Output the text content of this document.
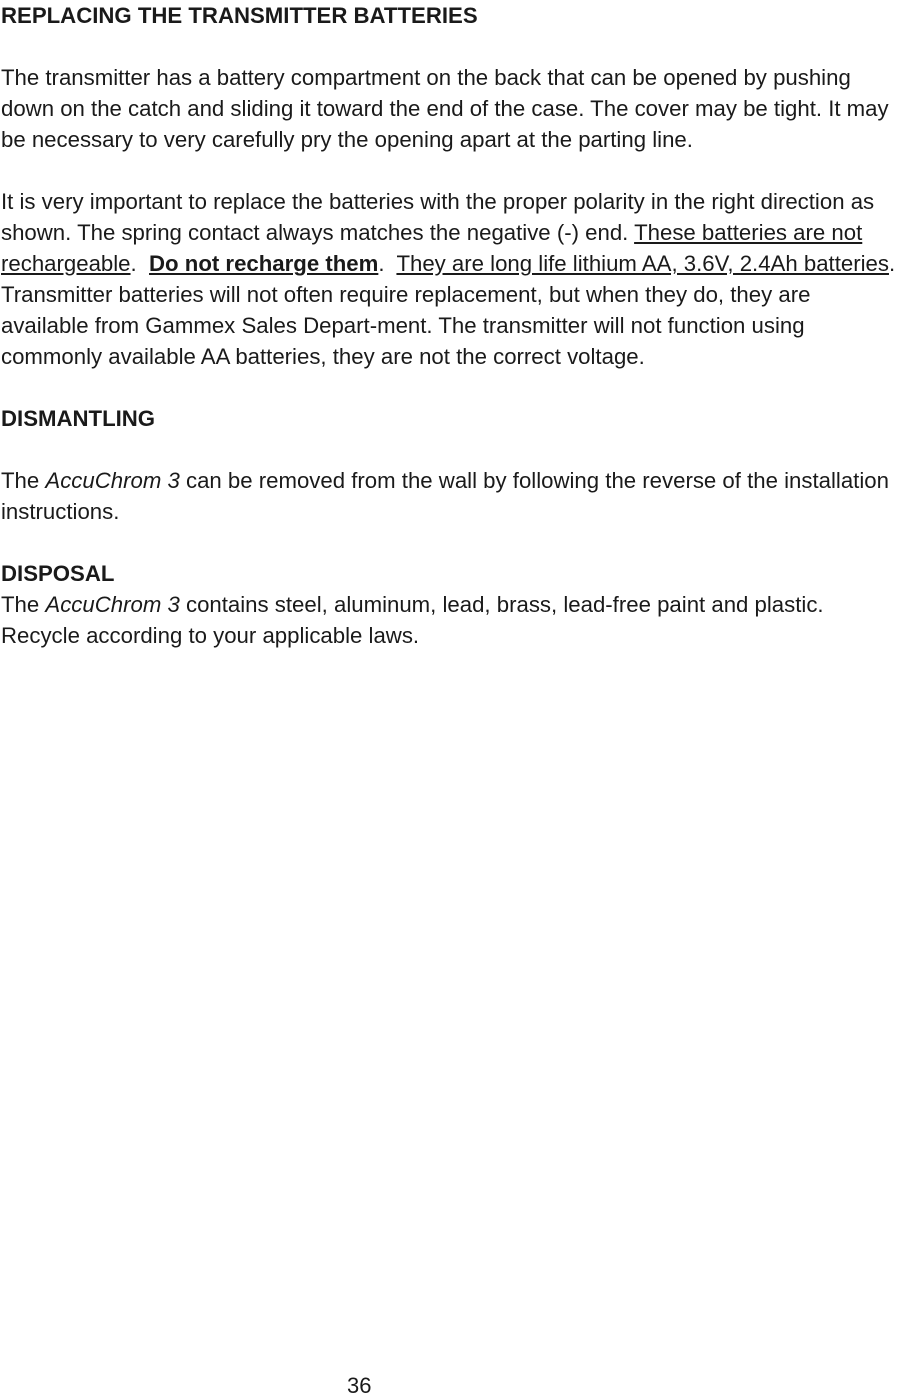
REPLACING THE TRANSMITTER BATTERIES

The transmitter has a battery compartment on the back that can be opened by pushing down on the catch and sliding it toward the end of the case. The cover may be tight. It may be necessary to very carefully pry the opening apart at the parting line.

It is very important to replace the batteries with the proper polarity in the right direction as shown. The spring contact always matches the negative (-) end. These batteries are not rechargeable.  Do not recharge them.  They are long life lithium AA, 3.6V, 2.4Ah batteries. Transmitter batteries will not often require replacement, but when they do, they are available from Gammex Sales Depart-ment. The transmitter will not function using commonly available AA batteries, they are not the correct voltage.

DISMANTLING

The AccuChrom 3 can be removed from the wall by following the reverse of the installation instructions.

DISPOSAL

The AccuChrom 3 contains steel, aluminum, lead, brass, lead-free paint and plastic. Recycle according to your applicable laws.

36
